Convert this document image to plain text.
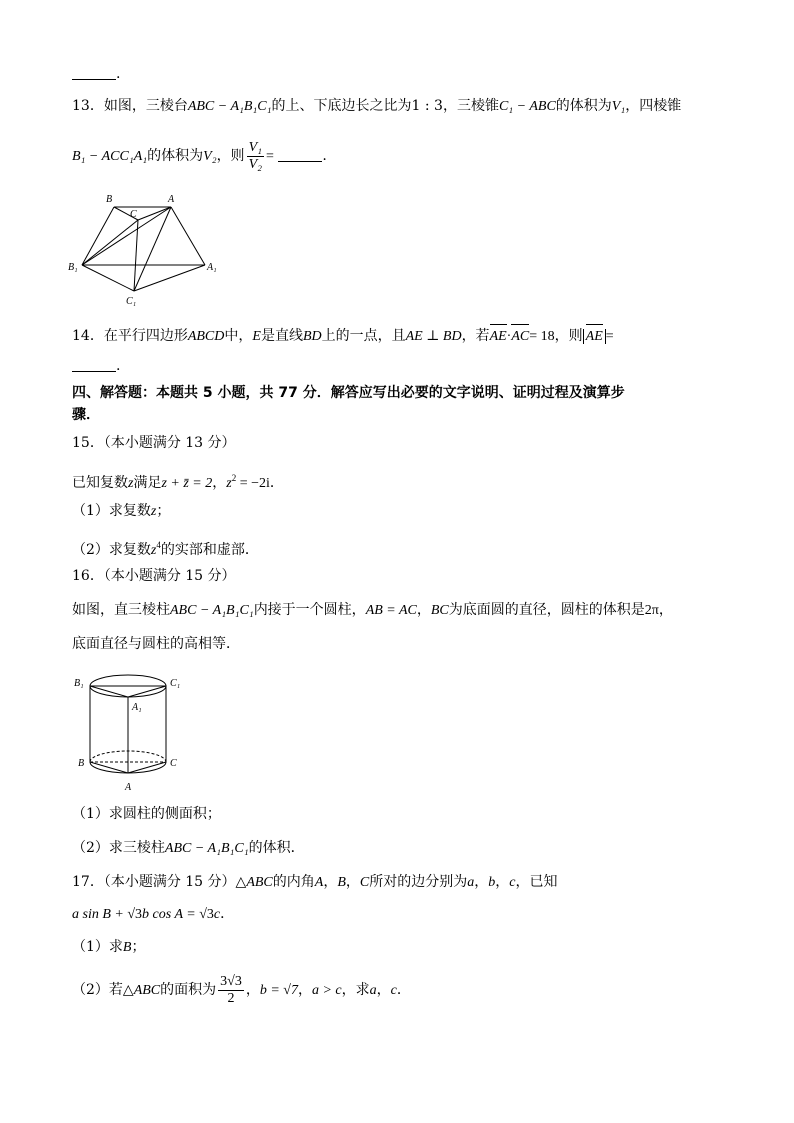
.
13．如图，三棱台ABC − A₁B₁C₁的上、下底边长之比为1 : 3，三棱锥C₁ − ABC的体积为V₁，四棱锥
B₁ − ACC₁A₁的体积为V₂，则 $\frac{\text{V₁}}{\text{V₂}}$ =	.
B
C
A
B₁	A₁
C₁
14．在平行四边形ABCD中，E是直线BD上的一点，且AE ⊥ BD，若AE·AC= 18，则 AE =
.
四、解答题：本题共 5 小题，共 77 分．解答应写出必要的文字说明、证明过程及演算步
骤．
15．（本小题满分 13 分）
已知复数z满足z + z̄ = 2，$z^2 = -2i$．
（1）求复数z；
（2）求复数$z^4$的实部和虚部．
16．（本小题满分 15 分）
如图，直三棱柱ABC − A₁B₁C₁内接于一个圆柱，AB = AC，BC为底面圆的直径，圆柱的体积是2π，
底面直径与圆柱的高相等．
B₁	C₁
A₁
B	C
A
（1）求圆柱的侧面积；
（2）求三棱柱ABC − A₁B₁C₁的体积．
17．（本小题满分 15 分）△ABC的内角A，B，C所对的边分别为a，b，c，已知
a sin B + √3b cos A = √3c．
（1）求B；
（2）若△ABC的面积为 $\frac{3√3}{2}$ ，b = √7，a > c，求a，c．
